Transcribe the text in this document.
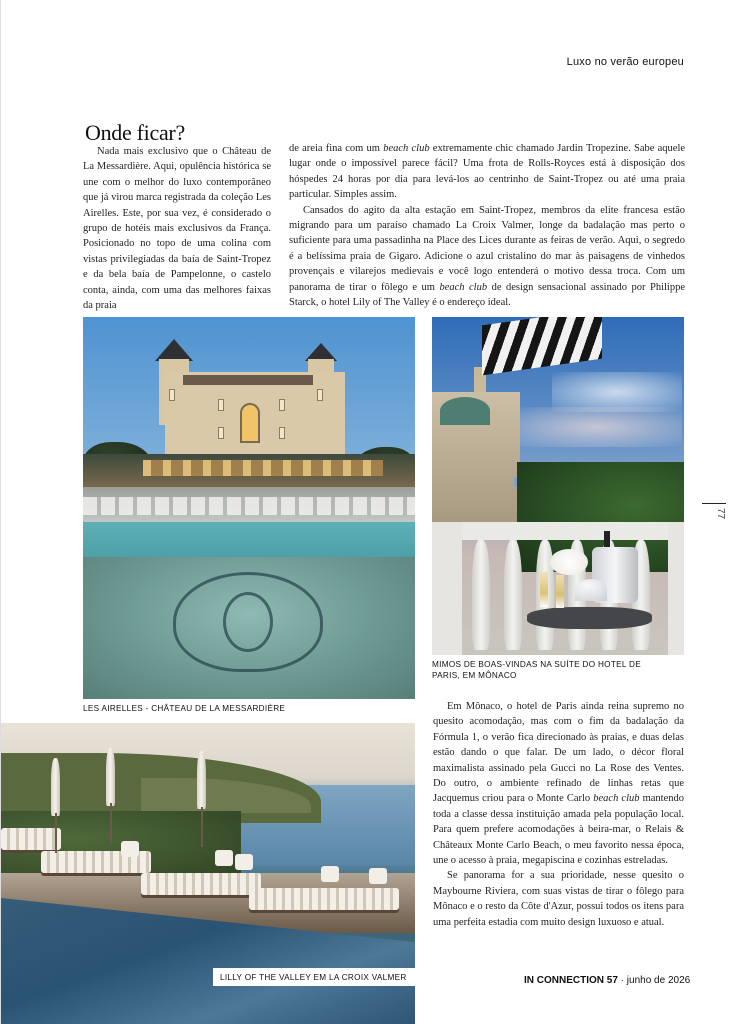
Luxo no verão europeu
77
Onde ficar?

Nada mais exclusivo que o Château de La Messardière. Aqui, opulência histórica se une com o melhor do luxo contemporâneo que já virou marca registrada da coleção Les Airelles. Este, por sua vez, é considerado o grupo de hotéis mais exclusivos da França. Posicionado no topo de uma colina com vistas privilegiadas da baía de Saint-Tropez e da bela baía de Pampelonne, o castelo conta, ainda, com uma das melhores faixas da praia

de areia fina com um beach club extremamente chic chamado Jardin Tropezine. Sabe aquele lugar onde o impossível parece fácil? Uma frota de Rolls-Royces está à disposição dos hóspedes 24 horas por dia para levá-los ao centrinho de Saint-Tropez ou até uma praia particular. Simples assim.

Cansados do agito da alta estação em Saint-Tropez, membros da elite francesa estão migrando para um paraíso chamado La Croix Valmer, longe da badalação mas perto o suficiente para uma passadinha na Place des Lices durante as feiras de verão. Aqui, o segredo é a belíssima praia de Gigaro. Adicione o azul cristalino do mar às paisagens de vinhedos provençais e vilarejos medievais e você logo entenderá o motivo dessa troca. Com um panorama de tirar o fôlego e um beach club de design sensacional assinado por Philippe Starck, o hotel Lily of The Valley é o endereço ideal.

LES AIRELLES - CHÂTEAU DE LA MESSARDIÈRE
MIMOS DE BOAS-VINDAS NA SUÍTE DO HOTEL DE PARIS, EM MÔNACO

Em Mônaco, o hotel de Paris ainda reina supremo no quesito acomodação, mas com o fim da badalação da Fórmula 1, o verão fica direcionado às praias, e duas delas estão dando o que falar. De um lado, o décor floral maximalista assinado pela Gucci no La Rose des Ventes. Do outro, o ambiente refinado de linhas retas que Jacquemus criou para o Monte Carlo beach club mantendo toda a classe dessa instituição amada pela população local. Para quem prefere acomodações à beira-mar, o Relais & Châteaux Monte Carlo Beach, o meu favorito nessa época, une o acesso à praia, megapiscina e cozinhas estreladas.

Se panorama for a sua prioridade, nesse quesito o Maybourne Riviera, com suas vistas de tirar o fôlego para Mônaco e o resto da Côte d'Azur, possui todos os itens para uma perfeita estadia com muito design luxuoso e atual.

LILLY OF THE VALLEY EM LA CROIX VALMER	IN CONNECTION 57 · junho de 2026
